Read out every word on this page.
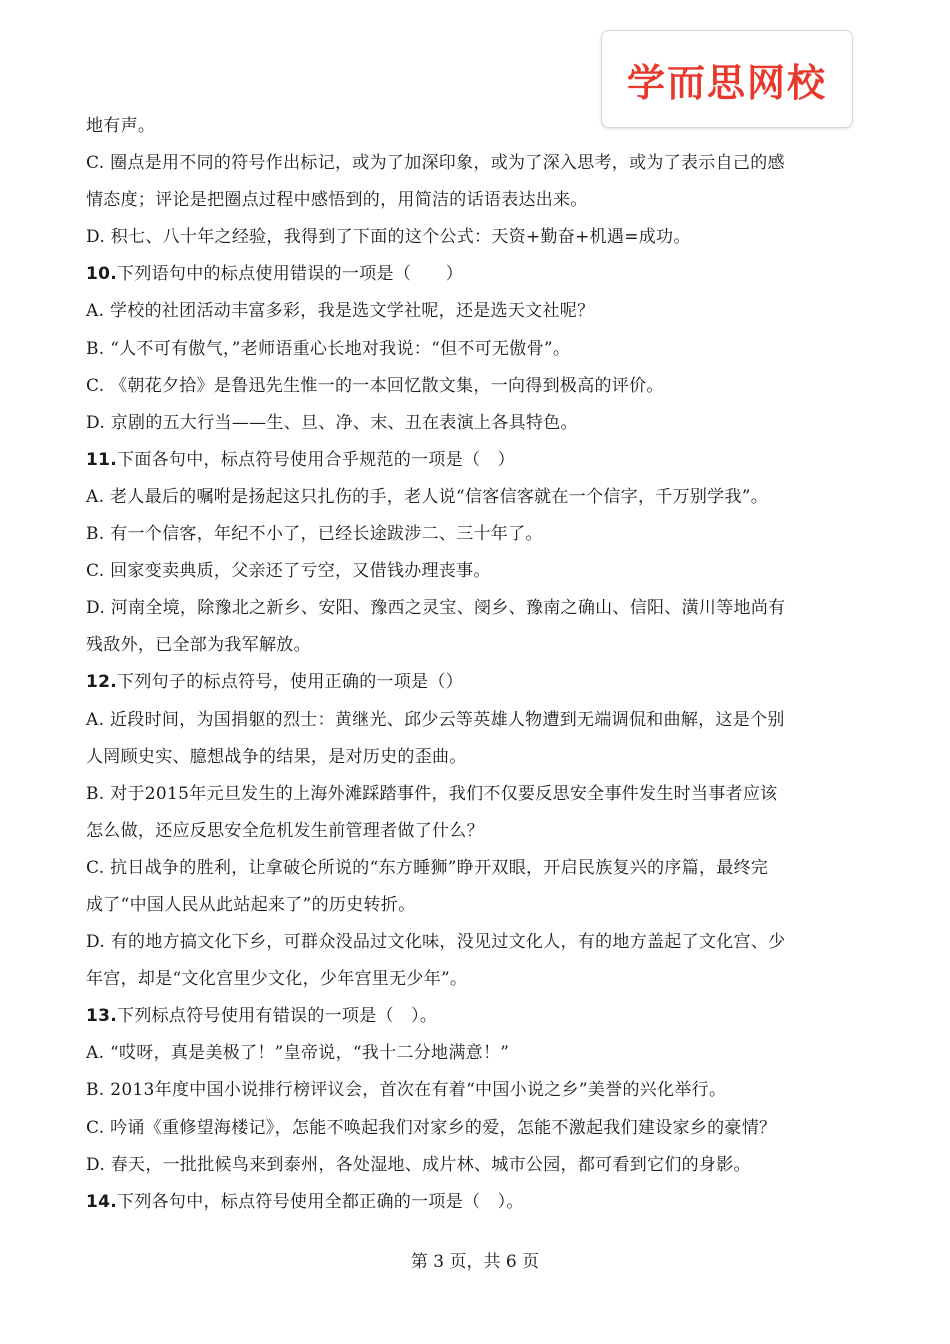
学而思网校
地有声。
C. 圈点是用不同的符号作出标记，或为了加深印象，或为了深入思考，或为了表示自己的感
情态度；评论是把圈点过程中感悟到的，用简洁的话语表达出来。
D. 积七、八十年之经验，我得到了下面的这个公式：天资+勤奋+机遇=成功。
10.下列语句中的标点使用错误的一项是（　　）
A. 学校的社团活动丰富多彩，我是选文学社呢，还是选天文社呢？
B. “人不可有傲气，”老师语重心长地对我说：“但不可无傲骨”。
C. 《朝花夕拾》是鲁迅先生惟一的一本回忆散文集，一向得到极高的评价。
D. 京剧的五大行当——生、旦、净、末、丑在表演上各具特色。
11.下面各句中，标点符号使用合乎规范的一项是（　）
A. 老人最后的嘱咐是扬起这只扎伤的手，老人说“信客信客就在一个信字，千万别学我”。
B. 有一个信客，年纪不小了，已经长途跋涉二、三十年了。
C. 回家变卖典质，父亲还了亏空，又借钱办理丧事。
D. 河南全境，除豫北之新乡、安阳、豫西之灵宝、阌乡、豫南之确山、信阳、潢川等地尚有
残敌外，已全部为我军解放。
12.下列句子的标点符号，使用正确的一项是（）
A. 近段时间，为国捐躯的烈士：黄继光、邱少云等英雄人物遭到无端调侃和曲解，这是个别
人罔顾史实、臆想战争的结果，是对历史的歪曲。
B. 对于2015年元旦发生的上海外滩踩踏事件，我们不仅要反思安全事件发生时当事者应该
怎么做，还应反思安全危机发生前管理者做了什么？
C. 抗日战争的胜利，让拿破仑所说的“东方睡狮”睁开双眼，开启民族复兴的序篇，最终完
成了“中国人民从此站起来了”的历史转折。
D. 有的地方搞文化下乡，可群众没品过文化味，没见过文化人，有的地方盖起了文化宫、少
年宫，却是“文化宫里少文化，少年宫里无少年”。
13.下列标点符号使用有错误的一项是（　）。
A. “哎呀，真是美极了！”皇帝说，“我十二分地满意！”
B. 2013年度中国小说排行榜评议会，首次在有着“中国小说之乡”美誉的兴化举行。
C. 吟诵《重修望海楼记》，怎能不唤起我们对家乡的爱，怎能不激起我们建设家乡的豪情？
D. 春天，一批批候鸟来到泰州，各处湿地、成片林、城市公园，都可看到它们的身影。
14.下列各句中，标点符号使用全都正确的一项是（　）。
第 3 页，共 6 页
